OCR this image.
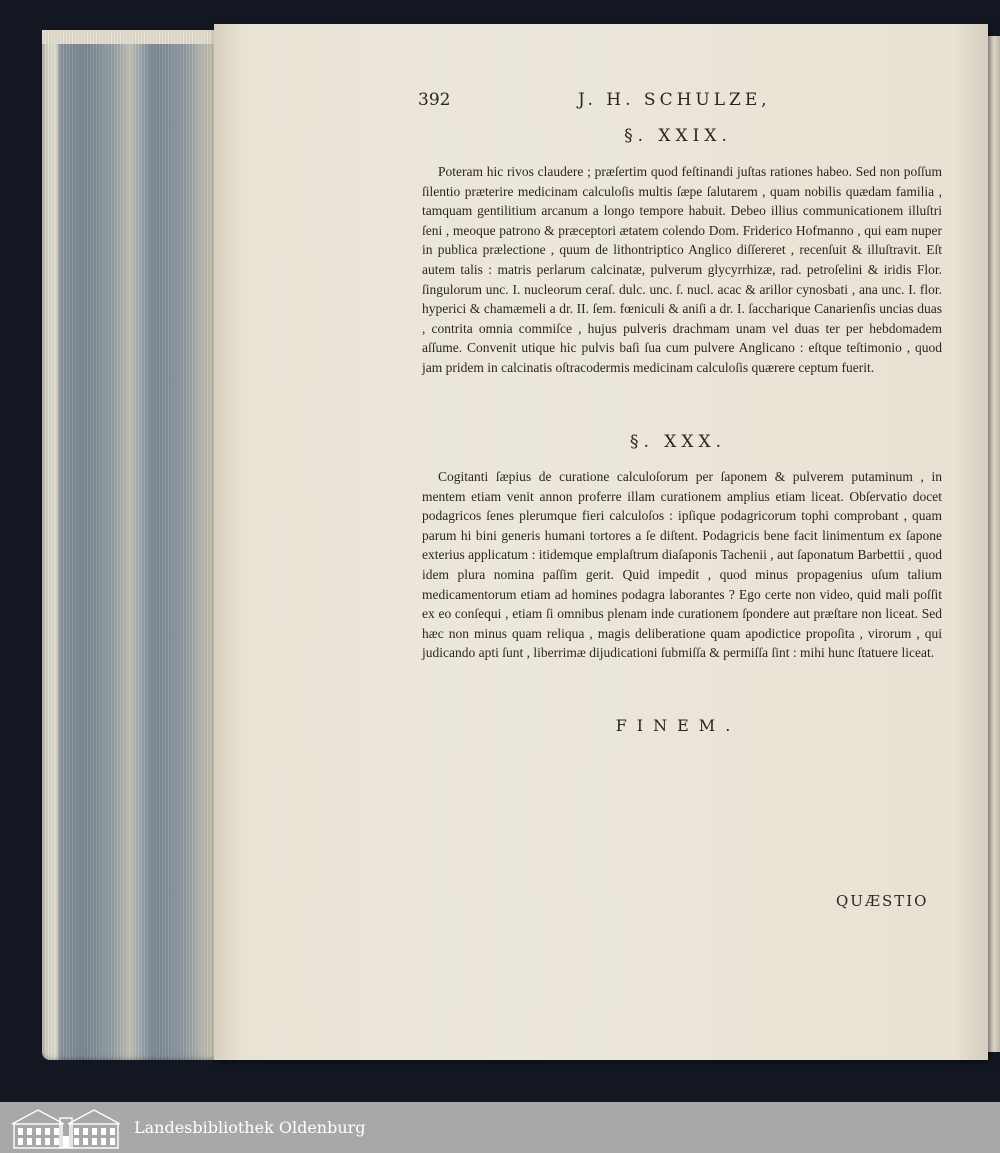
392	J. H. SCHULZE,
§. XXIX.
Poteram hic rivos claudere ; præſertim quod feſtinandi juſtas rationes habeo. Sed non poſſum ſilentio præterire medicinam calculoſis multis ſæpe ſalutarem , quam nobilis quædam familia , tamquam gentilitium arcanum a longo tempore habuit. Debeo illius communicationem illuſtri ſeni , meoque patrono & præceptori ætatem colendo Dom. Friderico Hofmanno , qui eam nuper in publica prælectione , quum de lithontriptico Anglico diſſereret , recenſuit & illuſtravit. Eſt autem talis : matris perlarum calcinatæ, pulverum glycyrrhizæ, rad. petroſelini & iridis Flor. ſingulorum unc. I. nucleorum ceraſ. dulc. unc. ſ. nucl. acac & arillor cynosbati , ana unc. I. flor. hyperici & chamæmeli a dr. II. ſem. fœniculi & aniſi a dr. I. ſaccharique Canarienſis uncias duas , contrita omnia commiſce , hujus pulveris drachmam unam vel duas ter per hebdomadem aſſume. Convenit utique hic pulvis baſi ſua cum pulvere Anglicano : eſtque teſtimonio , quod jam pridem in calcinatis oſtracodermis medicinam calculoſis quærere ceptum fuerit.
§. XXX.
Cogitanti ſæpius de curatione calculoſorum per ſaponem & pulverem putaminum , in mentem etiam venit annon proferre illam curationem amplius etiam liceat. Obſervatio docet podagricos ſenes plerumque fieri calculoſos : ipſique podagricorum tophi comprobant , quam parum hi bini generis humani tortores a ſe diſtent. Podagricis bene facit linimentum ex ſapone exterius applicatum : itidemque emplaſtrum diaſaponis Tachenii , aut ſaponatum Barbettii , quod idem plura nomina paſſim gerit. Quid impedit , quod minus propagenius uſum talium medicamentorum etiam ad homines podagra laborantes ? Ego certe non video, quid mali poſſit ex eo conſequi , etiam ſi omnibus plenam inde curationem ſpondere aut præſtare non liceat. Sed hæc non minus quam reliqua , magis deliberatione quam apodictice propoſita , virorum , qui judicando apti ſunt , liberrimæ dijudicationi ſubmiſſa & permiſſa ſint : mihi hunc ſtatuere liceat.
FINEM.
QUÆSTIO
Landesbibliothek Oldenburg
